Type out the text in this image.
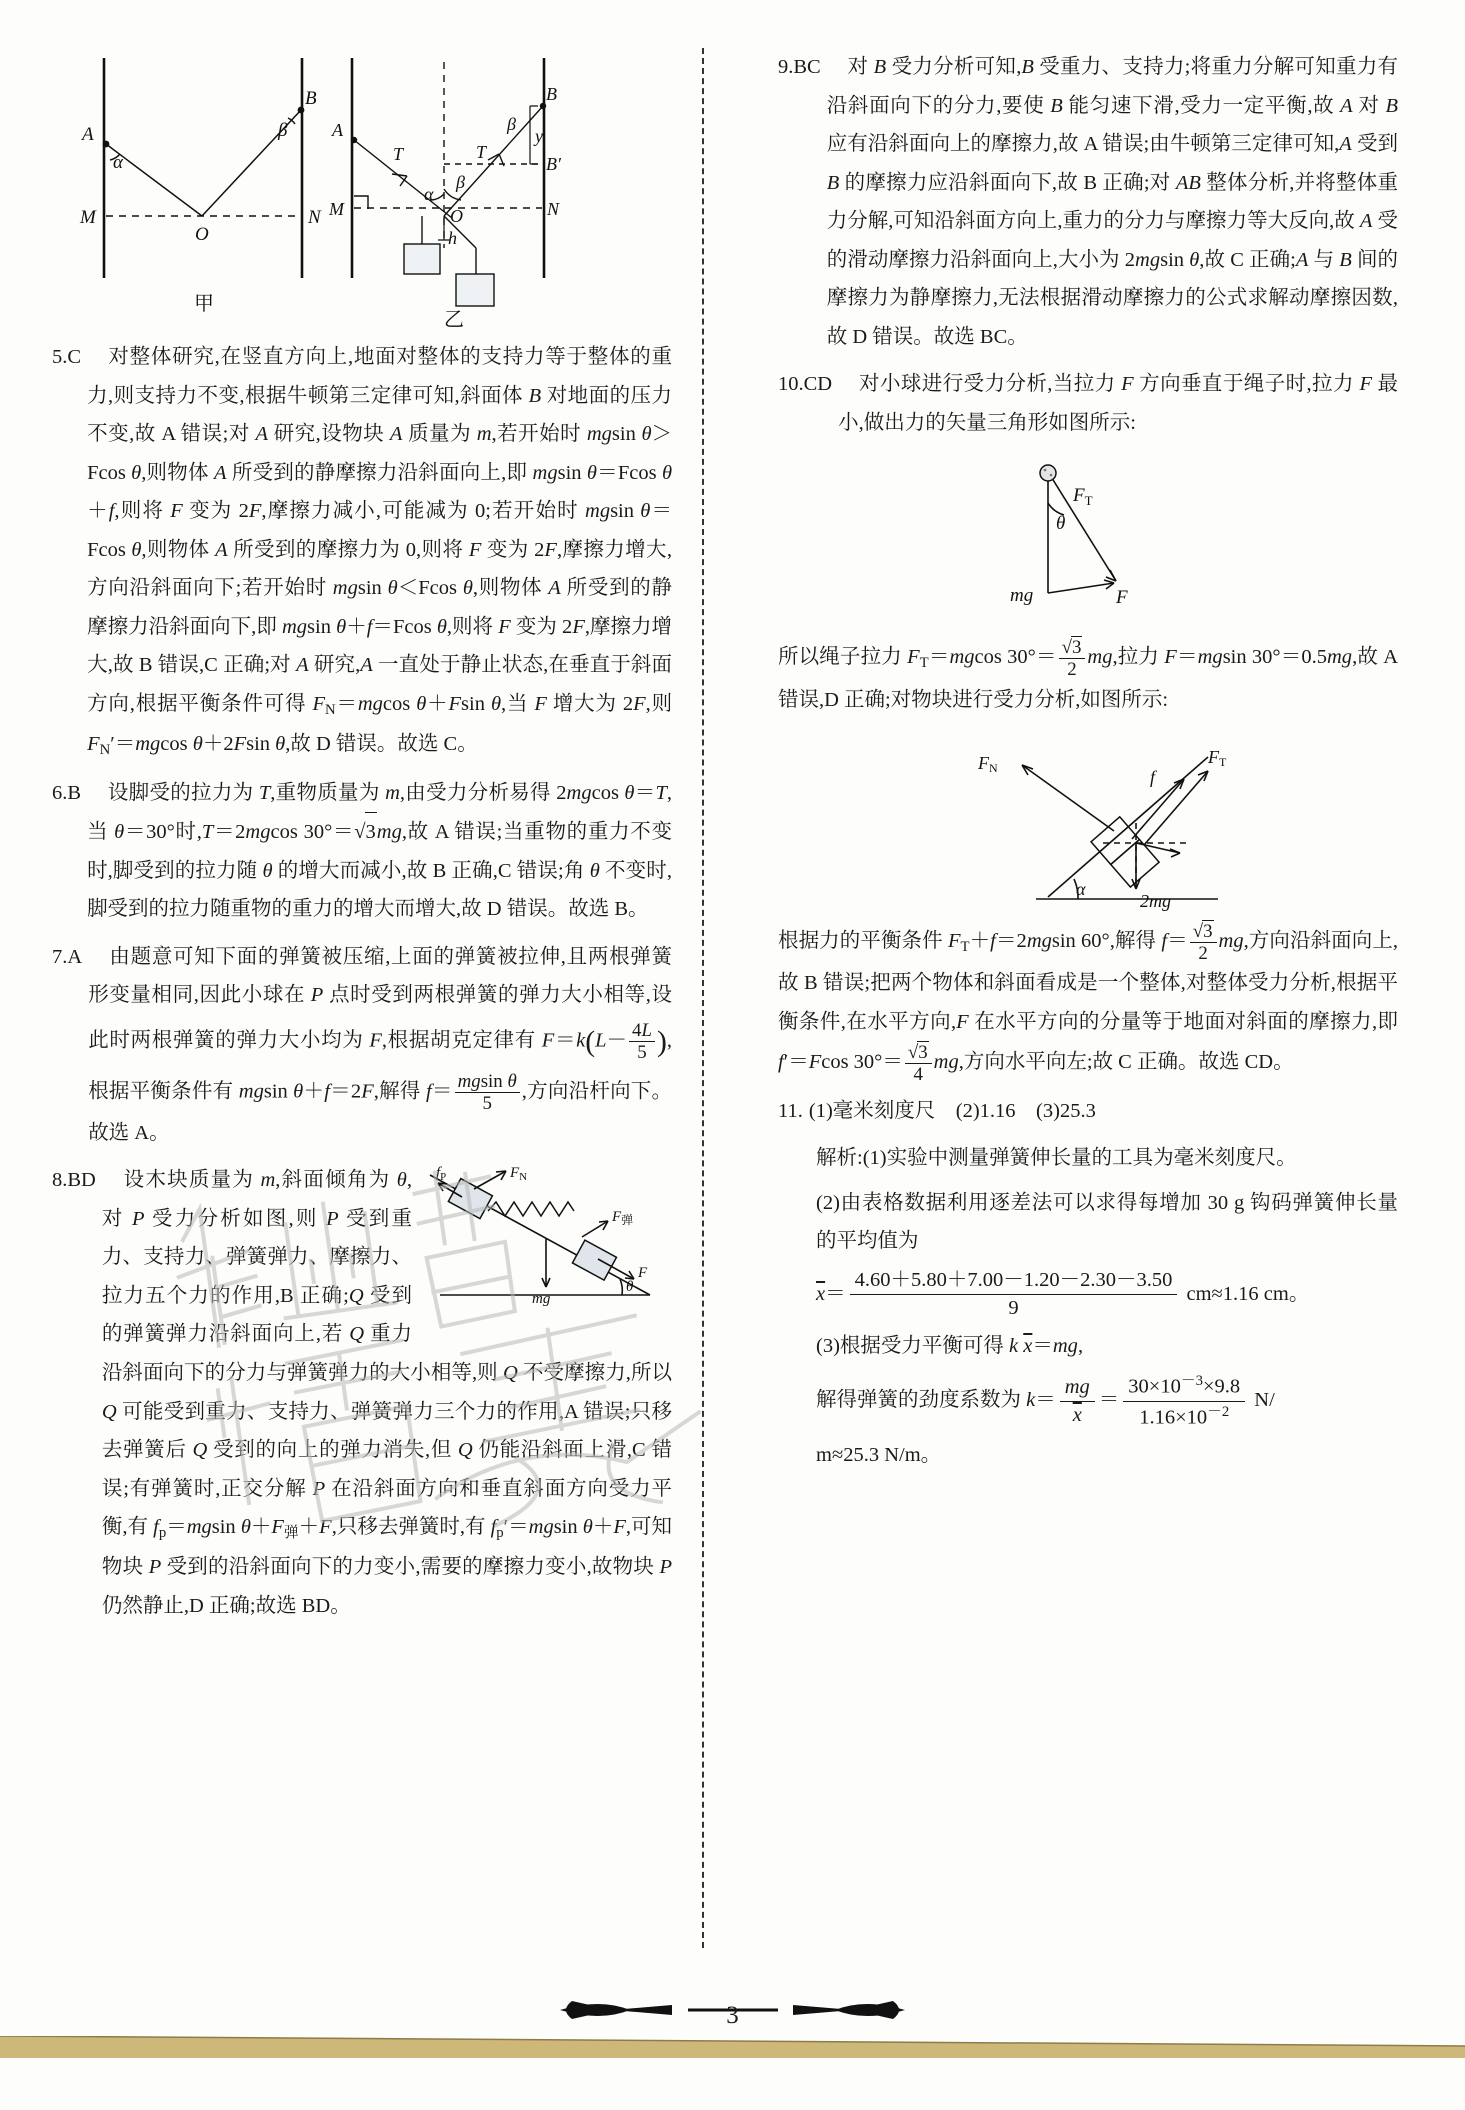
A
B
M	N
O
α
β A
B
M	N
B′
y
T	T
α
β
β
O
h
甲
乙
5.C 　对整体研究,在竖直方向上,地面对整体的支持力等于整体的重力,则支持力不变,根据牛顿第三定律可知,斜面体 B 对地面的压力不变,故 A 错误;对 A 研究,设物块 A 质量为 m,若开始时 mgsin θ＞Fcos θ,则物体 A 所受到的静摩擦力沿斜面向上,即 mgsin θ＝Fcos θ＋f,则将 F 变为 2F,摩擦力减小,可能减为 0;若开始时 mgsin θ＝Fcos θ,则物体 A 所受到的摩擦力为 0,则将 F 变为 2F,摩擦力增大,方向沿斜面向下;若开始时 mgsin θ＜Fcos θ,则物体 A 所受到的静摩擦力沿斜面向下,即 mgsin θ＋f＝Fcos θ,则将 F 变为 2F,摩擦力增大,故 B 错误,C 正确;对 A 研究,A 一直处于静止状态,在垂直于斜面方向,根据平衡条件可得 $F_N=mgcos$ θ＋Fsin θ,当 F 增大为 2F,则 $F_N'=mgcos$ θ＋2Fsin θ,故 D 错误。故选 C。
6.B 　设脚受的拉力为 T,重物质量为 m,由受力分析易得 2mgcos θ＝T,当 θ＝30°时,T＝2mgcos 30°＝√3mg,故 A 错误;当重物的重力不变时,脚受到的拉力随 θ 的增大而减小,故 B 正确,C 错误;角 θ 不变时,脚受到的拉力随重物的重力的增大而增大,故 D 错误。故选 B。
7.A 　由题意可知下面的弹簧被压缩,上面的弹簧被拉伸,且两根弹簧形变量相同,因此小球在 P 点时受到两根弹簧的弹力大小相等,设此时两根弹簧的弹力大小均为 F,根据胡克定律有 $F=k(L- \frac{4L}{5}$ ),根据平衡条件有 mgsin θ＋f＝2F,解得 $f= \frac{\text{mgsin θ}}{5}$ ,方向沿杆向下。故选 A。
8.BD	$f_P$	$F_N$
$F_弹$
F
mg
θ
　设木块质量为 m,斜面倾角为 θ,对 P 受力分析如图,则 P 受到重力、支持力、弹簧弹力、摩擦力、拉力五个力的作用,B 正确;Q 受到的弹簧弹力沿斜面向上,若 Q 重力沿斜面向下的分力与弹簧弹力的大小相等,则 Q 不受摩擦力,所以 Q 可能受到重力、支持力、弹簧弹力三个力的作用,A 错误;只移去弹簧后 Q 受到的向上的弹力消失,但 Q 仍能沿斜面上滑,C 错误;有弹簧时,正交分解 P 在沿斜面方向和垂直斜面方向受力平衡,有 $f_p=mgsin$ $\theta+F_弹+F$,只移去弹簧时,有 $f_p'=mgsin$ θ＋F,可知物块 P 受到的沿斜面向下的力变小,需要的摩擦力变小,故物块 P 仍然静止,D 正确;故选 BD。
9.BC 　对 B 受力分析可知,B 受重力、支持力;将重力分解可知重力有沿斜面向下的分力,要使 B 能匀速下滑,受力一定平衡,故 A 对 B 应有沿斜面向上的摩擦力,故 A 错误;由牛顿第三定律可知,A 受到 B 的摩擦力应沿斜面向下,故 B 正确;对 AB 整体分析,并将整体重力分解,可知沿斜面方向上,重力的分力与摩擦力等大反向,故 A 受的滑动摩擦力沿斜面向上,大小为 2mgsin θ,故 C 正确;A 与 B 间的摩擦力为静摩擦力,无法根据滑动摩擦力的公式求解动摩擦因数,故 D 错误。故选 BC。
10.CD 　对小球进行受力分析,当拉力 F 方向垂直于绳子时,拉力 F 最小,做出力的矢量三角形如图所示:
$F_T$
θ
mg	F
所以绳子拉力 $F_T=mgcos$ $30^\circ= \frac{√3}{2}$ mg,拉力 F＝mgsin 30°＝0.5mg,故 A 错误,D 正确;对物块进行受力分析,如图所示:
FN	f
FT
2mg
α
根据力的平衡条件 $F_T+f=2mgsin$ 60°,解得 $f= \frac{√3}{2}$ mg,方向沿斜面向上,故 B 错误;把两个物体和斜面看成是一个整体,对整体受力分析,根据平衡条件,在水平方向,F 在水平方向的分量等于地面对斜面的摩擦力,即 f′＝Fcos $30^\circ= \frac{√3}{4}$ mg,方向水平向左;故 C 正确。故选 CD。
11. (1)毫米刻度尺　(2)1.16　(3)25.3
解析:(1)实验中测量弹簧伸长量的工具为毫米刻度尺。
(2)由表格数据利用逐差法可以求得每增加 30 g 钩码弹簧伸长量的平均值为
$\overline{x}= \frac{4.60+5.80+7.00-1.20-2.30-3.50}{9} cm\approx 1.16$ cm。
(3)根据受力平衡可得 k $\overline{x}=mg$,
解得弹簧的劲度系数为 $k= \frac{mg}{x} = \frac{30\times 10^{-3}\times 9.8}{1.16\times 10^{-2}} N/$
m≈25.3 N/m。
3
